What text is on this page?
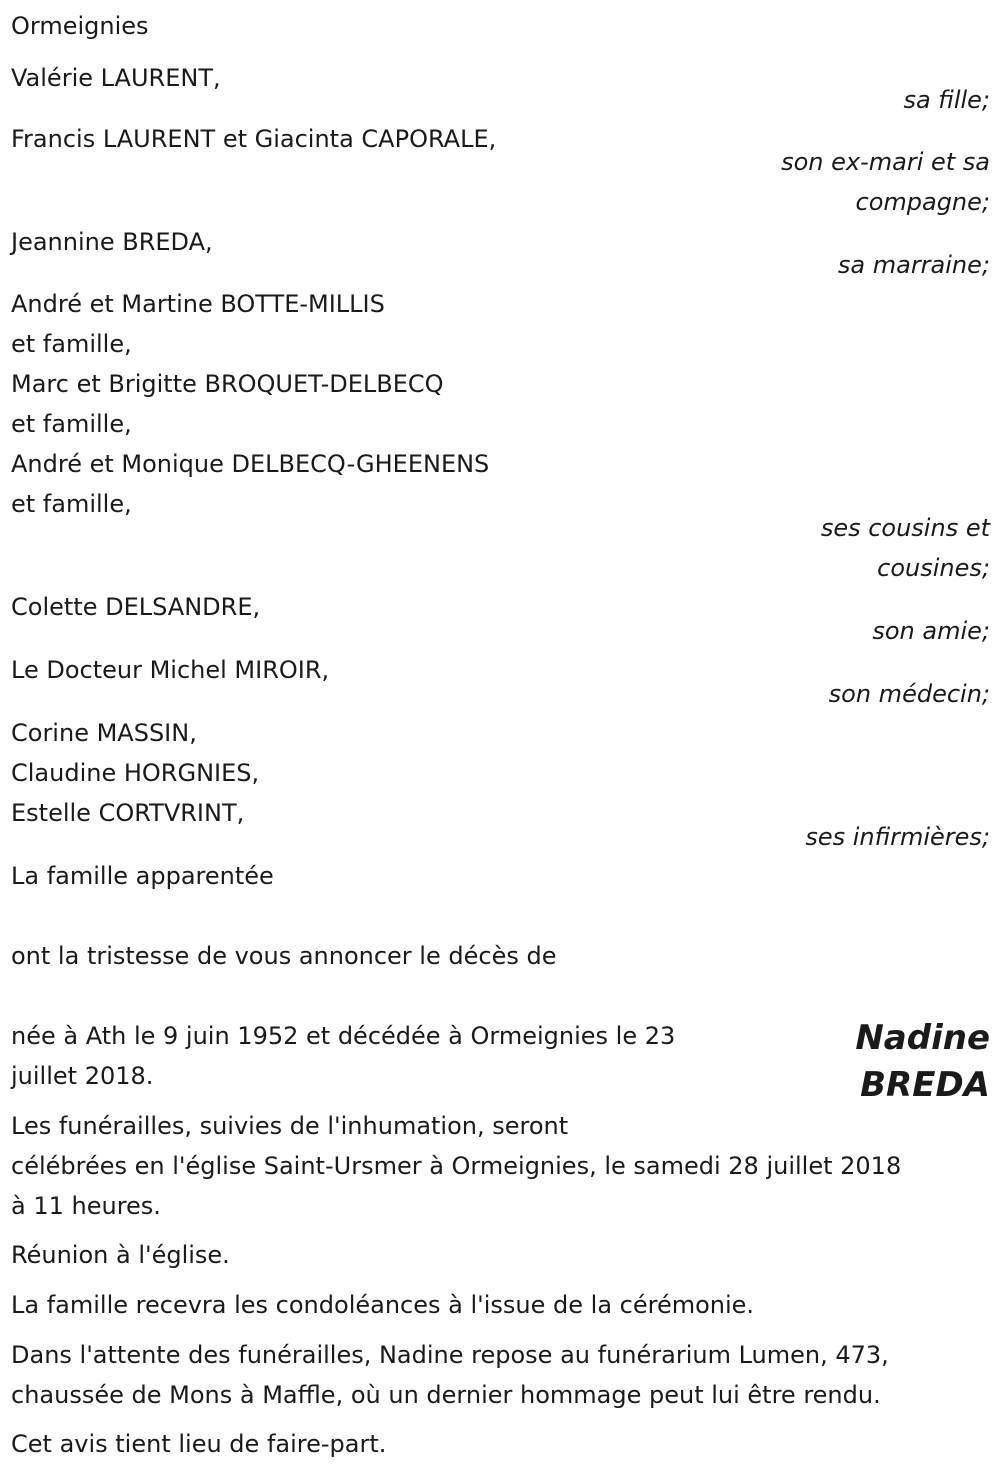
Ormeignies
Valérie LAURENT,
sa fille;
Francis LAURENT et Giacinta CAPORALE,
son ex-mari et sa
compagne;
Jeannine BREDA,
sa marraine;
André et Martine BOTTE-MILLIS
et famille,
Marc et Brigitte BROQUET-DELBECQ
et famille,
André et Monique DELBECQ-GHEENENS
et famille,
ses cousins et
cousines;
Colette DELSANDRE,
son amie;
Le Docteur Michel MIROIR,
son médecin;
Corine MASSIN,
Claudine HORGNIES,
Estelle CORTVRINT,
ses infirmières;
La famille apparentée
ont la tristesse de vous annoncer le décès de
Nadine
BREDA
née à Ath le 9 juin 1952 et décédée à Ormeignies le 23
juillet 2018.
Les funérailles, suivies de l'inhumation, seront
célébrées en l'église Saint-Ursmer à Ormeignies, le samedi 28 juillet 2018
à 11 heures.
Réunion à l'église.
La famille recevra les condoléances à l'issue de la cérémonie.
Dans l'attente des funérailles, Nadine repose au funérarium Lumen, 473,
chaussée de Mons à Maffle, où un dernier hommage peut lui être rendu.
Cet avis tient lieu de faire-part.
